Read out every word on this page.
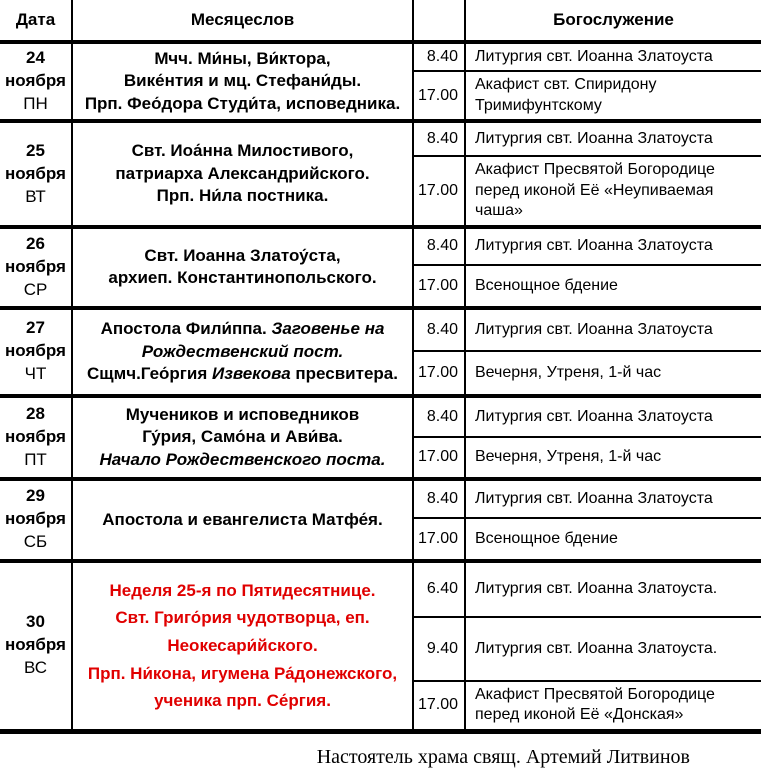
Дата	Месяцеслов		Богослужение

24
ноября
ПН
	Мчч. Ми́ны, Ви́ктора,
Вике́нтия и мц. Стефани́ды.
Прп. Фео́дора Студи́та, исповедника.	8.40	Литургия свт. Иоанна Златоуста
		17.00	Акафист свт. Спиридону Тримифунтскому

25
ноября
ВТ
	Свт. Иоа́нна Милостивого,
патриарха Александрийского.
Прп. Ни́ла постника.	8.40	Литургия свт. Иоанна Златоуста
		17.00	Акафист Пресвятой Богородице перед иконой Её «Неупиваемая чаша»

26
ноября
СР
	Свт. Иоанна Златоу́ста,
архиеп. Константинопольского.	8.40	Литургия свт. Иоанна Златоуста
		17.00	Всенощное бдение

27
ноября
ЧТ
	Апостола Фили́ппа. Заговенье на
Рождественский пост.
Сщмч.Гео́ргия Извекова пресвитера.	8.40	Литургия свт. Иоанна Златоуста
		17.00	Вечерня, Утреня, 1-й час

28
ноября
ПТ
	Мучеников и исповедников
Гу́рия, Само́на и Ави́ва.
Начало Рождественского поста.	8.40	Литургия свт. Иоанна Златоуста
		17.00	Вечерня, Утреня, 1-й час

29
ноября
СБ	Апостола и евангелиста Матфе́я.	8.40	Литургия свт. Иоанна Златоуста
		17.00	Всенощное бдение

30
ноября
ВС
	Неделя 25-я по Пятидесятнице.
Свт. Григо́рия чудотворца, еп.
Неокесари́йского.
Прп. Ни́кона, игумена Ра́донежского,
ученика прп. Се́ргия.	6.40	Литургия свт. Иоанна Златоуста.
		9.40	Литургия свт. Иоанна Златоуста.
		17.00	Акафист Пресвятой Богородице перед иконой Её «Донская»
Настоятель храма свящ. Артемий Литвинов
